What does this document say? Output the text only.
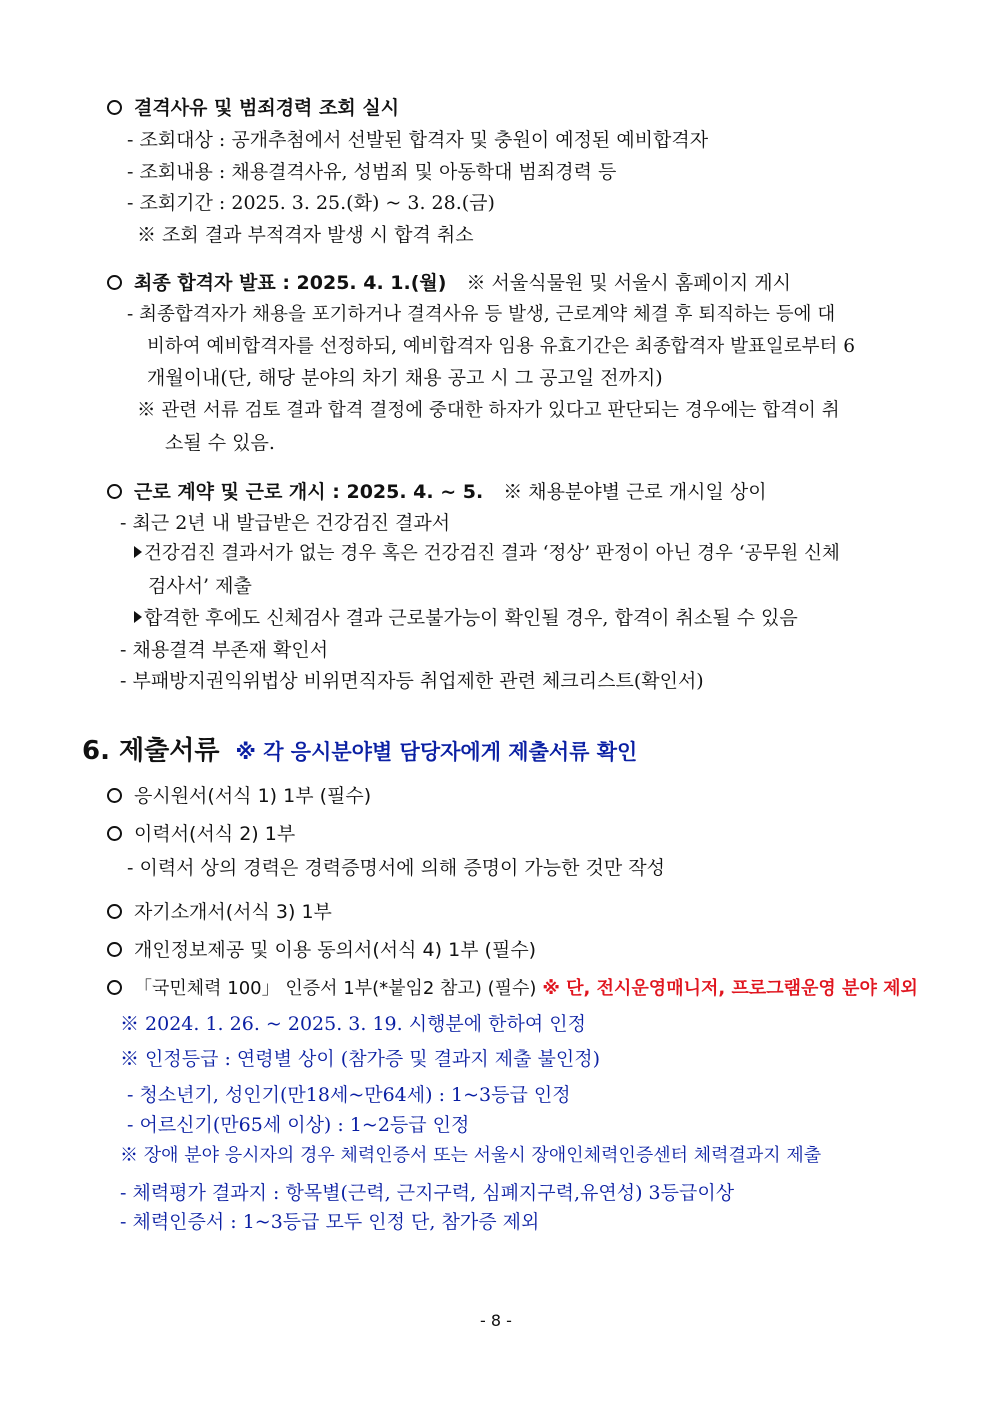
결격사유 및 범죄경력 조회 실시
- 조회대상 : 공개추첨에서 선발된 합격자 및 충원이 예정된 예비합격자
- 조회내용 : 채용결격사유, 성범죄 및 아동학대 범죄경력 등
- 조회기간 : 2025. 3. 25.(화) ~ 3. 28.(금)
※ 조회 결과 부적격자 발생 시 합격 취소
최종 합격자 발표 : 2025. 4. 1.(월) ※ 서울식물원 및 서울시 홈페이지 게시
- 최종합격자가 채용을 포기하거나 결격사유 등 발생, 근로계약 체결 후 퇴직하는 등에 대
비하여 예비합격자를 선정하되, 예비합격자 임용 유효기간은 최종합격자 발표일로부터 6
개월이내(단, 해당 분야의 차기 채용 공고 시 그 공고일 전까지)
※ 관련 서류 검토 결과 합격 결정에 중대한 하자가 있다고 판단되는 경우에는 합격이 취
소될 수 있음.
근로 계약 및 근로 개시 : 2025. 4. ~ 5. ※ 채용분야별 근로 개시일 상이
- 최근 2년 내 발급받은 건강검진 결과서
건강검진 결과서가 없는 경우 혹은 건강검진 결과 ‘정상’ 판정이 아닌 경우 ‘공무원 신체
검사서’ 제출
합격한 후에도 신체검사 결과 근로불가능이 확인될 경우, 합격이 취소될 수 있음
- 채용결격 부존재 확인서
- 부패방지권익위법상 비위면직자등 취업제한 관련 체크리스트(확인서)
6. 제출서류 ※ 각 응시분야별 담당자에게 제출서류 확인
응시원서(서식 1) 1부 (필수)
이력서(서식 2) 1부
- 이력서 상의 경력은 경력증명서에 의해 증명이 가능한 것만 작성
자기소개서(서식 3) 1부
개인정보제공 및 이용 동의서(서식 4) 1부 (필수)
「국민체력 100」 인증서 1부(*붙임2 참고) (필수) ※ 단, 전시운영매니저, 프로그램운영 분야 제외
※ 2024. 1. 26. ~ 2025. 3. 19. 시행분에 한하여 인정
※ 인정등급 : 연령별 상이 (참가증 및 결과지 제출 불인정)
- 청소년기, 성인기(만18세~만64세) : 1~3등급 인정
- 어르신기(만65세 이상) : 1~2등급 인정
※ 장애 분야 응시자의 경우 체력인증서 또는 서울시 장애인체력인증센터 체력결과지 제출
- 체력평가 결과지 : 항목별(근력, 근지구력, 심폐지구력,유연성) 3등급이상
- 체력인증서 : 1~3등급 모두 인정 단, 참가증 제외
- 8 -
